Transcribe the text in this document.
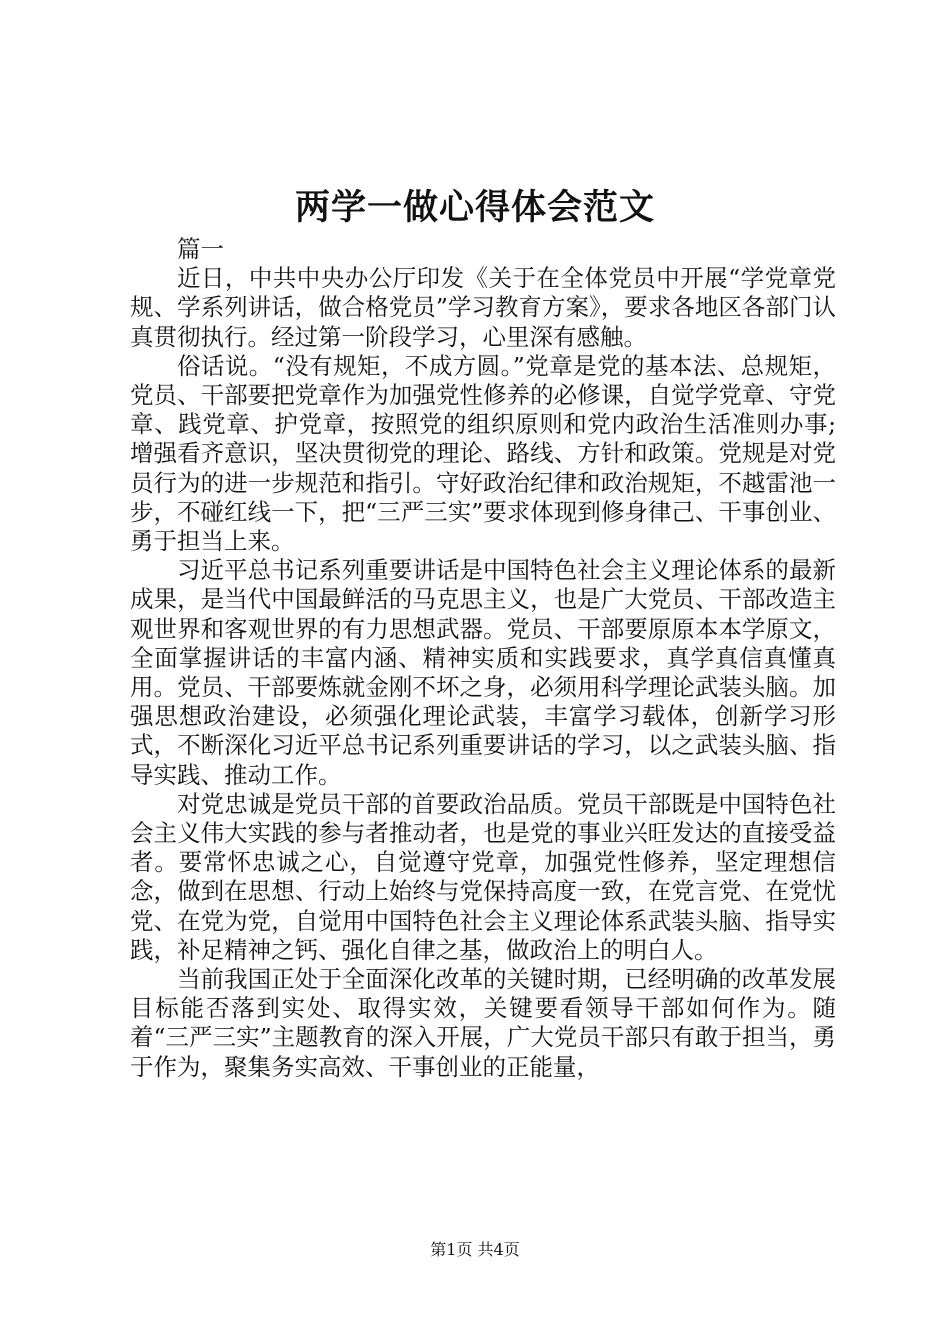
两学一做心得体会范文

篇一

近日，中共中央办公厅印发《关于在全体党员中开展“学党章党规、学系列讲话，做合格党员”学习教育方案》，要求各地区各部门认真贯彻执行。经过第一阶段学习，心里深有感触。

俗话说。“没有规矩，不成方圆。”党章是党的基本法、总规矩，党员、干部要把党章作为加强党性修养的必修课，自觉学党章、守党章、践党章、护党章，按照党的组织原则和党内政治生活准则办事;增强看齐意识，坚决贯彻党的理论、路线、方针和政策。党规是对党员行为的进一步规范和指引。守好政治纪律和政治规矩，不越雷池一步，不碰红线一下，把“三严三实”要求体现到修身律己、干事创业、勇于担当上来。

习近平总书记系列重要讲话是中国特色社会主义理论体系的最新成果，是当代中国最鲜活的马克思主义，也是广大党员、干部改造主观世界和客观世界的有力思想武器。党员、干部要原原本本学原文，全面掌握讲话的丰富内涵、精神实质和实践要求，真学真信真懂真用。党员、干部要炼就金刚不坏之身，必须用科学理论武装头脑。加强思想政治建设，必须强化理论武装，丰富学习载体，创新学习形式，不断深化习近平总书记系列重要讲话的学习，以之武装头脑、指导实践、推动工作。

对党忠诚是党员干部的首要政治品质。党员干部既是中国特色社会主义伟大实践的参与者推动者，也是党的事业兴旺发达的直接受益者。要常怀忠诚之心，自觉遵守党章，加强党性修养，坚定理想信念，做到在思想、行动上始终与党保持高度一致，在党言党、在党忧党、在党为党，自觉用中国特色社会主义理论体系武装头脑、指导实践，补足精神之钙、强化自律之基，做政治上的明白人。

当前我国正处于全面深化改革的关键时期，已经明确的改革发展目标能否落到实处、取得实效，关键要看领导干部如何作为。随着“三严三实”主题教育的深入开展，广大党员干部只有敢于担当，勇于作为，聚集务实高效、干事创业的正能量，

第1页 共4页
